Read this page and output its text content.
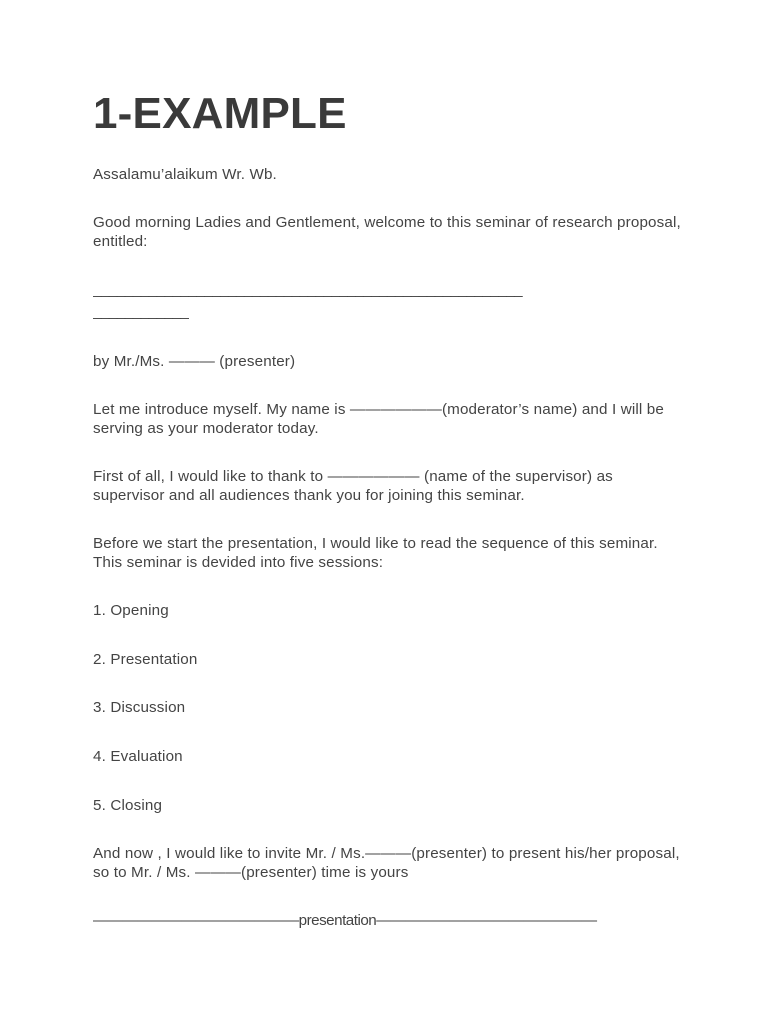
1-EXAMPLE

Assalamu’alaikum Wr. Wb.

Good morning Ladies and Gentlement, welcome to this seminar of research proposal, entitled:

______________________________________________________

____________

by Mr./Ms. ——— (presenter)

Let me introduce myself. My name is ——————(moderator’s name) and I will be serving as your moderator today.

First of all, I would like to thank to —————— (name of the supervisor) as supervisor and all audiences thank you for joining this seminar.

Before we start the presentation, I would like to read the sequence of this seminar. This seminar is devided into five sessions:

1. Opening

2. Presentation

3. Discussion

4. Evaluation

5. Closing

And now , I would like to invite Mr. / Ms.———(presenter) to present his/her proposal, so to Mr. / Ms. ———(presenter) time is yours

——————————————presentation———————————————
